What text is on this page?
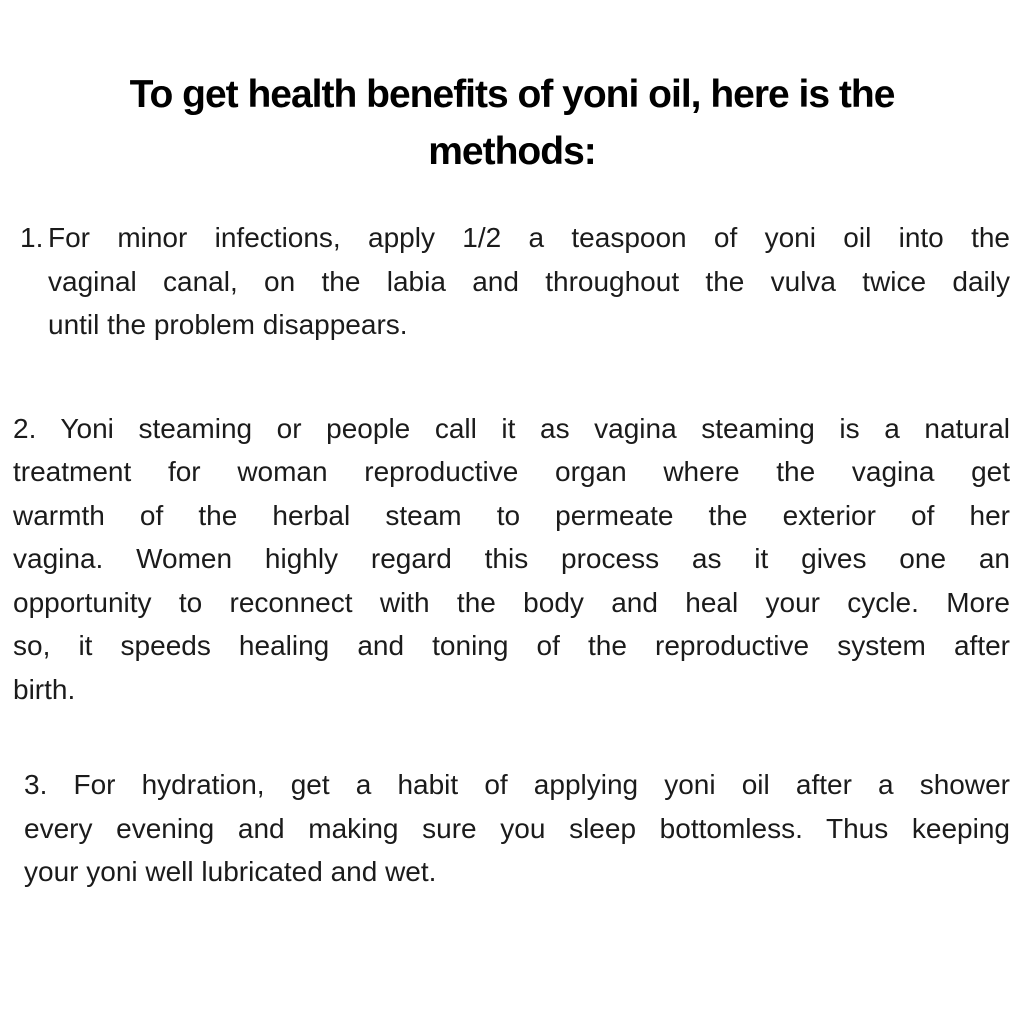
To get health benefits of yoni oil, here is the
methods:
1. For minor infections, apply 1/2 a teaspoon of yoni oil into the
vaginal canal, on the labia and throughout the vulva twice daily
until the problem disappears.
2. Yoni steaming or people call it as vagina steaming is a natural
treatment for woman reproductive organ where the vagina get
warmth of the herbal steam to permeate the exterior of her
vagina. Women highly regard this process as it gives one an
opportunity to reconnect with the body and heal your cycle. More
so, it speeds healing and toning of the reproductive system after
birth.
3. For hydration, get a habit of applying yoni oil after a shower
every evening and making sure you sleep bottomless. Thus keeping
your yoni well lubricated and wet.
